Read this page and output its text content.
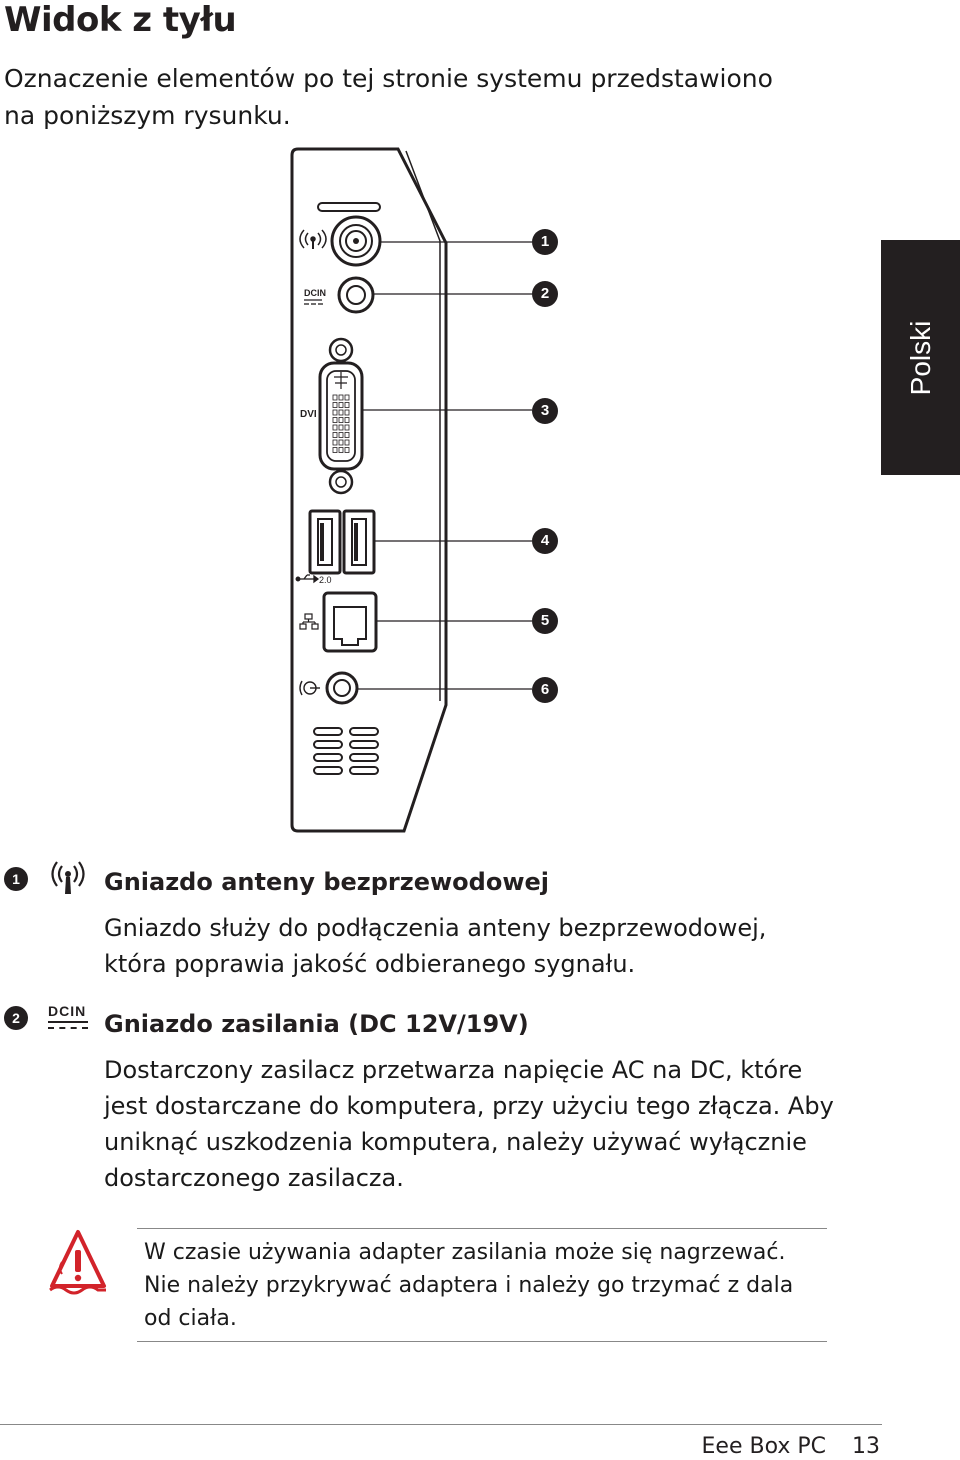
Widok z tyłu
Oznaczenie elementów po tej stronie systemu przedstawiono na poniższym rysunku.
Polski
DCIN
DVI
2.0
1
2
3
4
5
6
1	Gniazdo anteny bezprzewodowej
Gniazdo służy do podłączenia anteny bezprzewodowej, która poprawia jakość odbieranego sygnału.
2	DCIN Gniazdo zasilania (DC 12V/19V)
Dostarczony zasilacz przetwarza napięcie AC na DC, które jest dostarczane do komputera, przy użyciu tego złącza. Aby uniknąć uszkodzenia komputera, należy używać wyłącznie dostarczonego zasilacza.
W czasie używania adapter zasilania może się nagrzewać. Nie należy przykrywać adaptera i należy go trzymać z dala od ciała.
Eee Box PC 13
